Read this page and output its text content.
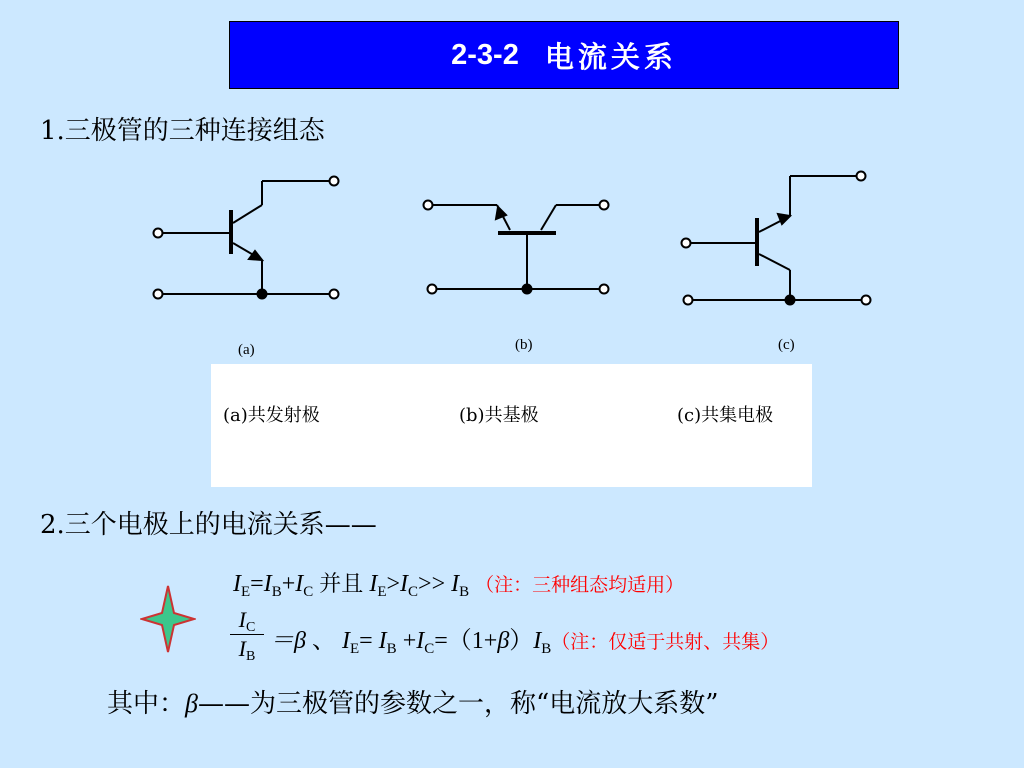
2-3-2 电流关系
1.三极管的三种连接组态
(a)	(b)	(c)
(a)共发射极	(b)共基极	(c)共集电极
2.三个电极上的电流关系——
$I_E=I_B+I_C$ 并且 $I_E>I_C>> I_B$ （注：三种组态均适用）
$I_C$
$I_B$
＝β 、 $I_E= I_B +I_C=(1+\beta)I_B$（注：仅适于共射、共集）
其中：β——为三极管的参数之一，称“电流放大系数”
